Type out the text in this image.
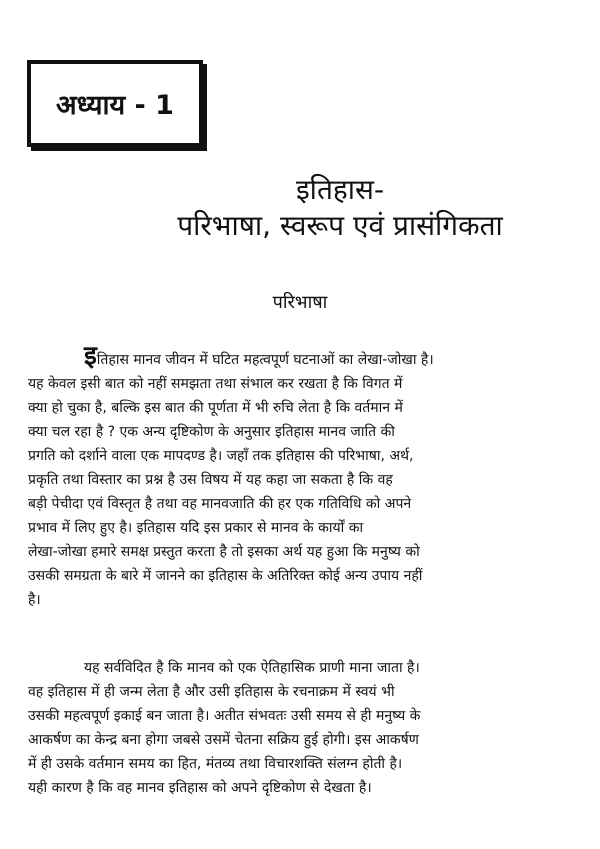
अध्याय - 1
इतिहास-
परिभाषा, स्वरूप एवं प्रासंगिकता
परिभाषा
इतिहास मानव जीवन में घटित महत्वपूर्ण घटनाओं का लेखा-जोखा है।
यह केवल इसी बात को नहीं समझता तथा संभाल कर रखता है कि विगत में
क्या हो चुका है, बल्कि इस बात की पूर्णता में भी रुचि लेता है कि वर्तमान में
क्या चल रहा है ? एक अन्य दृष्टिकोण के अनुसार इतिहास मानव जाति की
प्रगति को दर्शाने वाला एक मापदण्ड है। जहाँ तक इतिहास की परिभाषा, अर्थ,
प्रकृति तथा विस्तार का प्रश्न है उस विषय में यह कहा जा सकता है कि वह
बड़ी पेचीदा एवं विस्तृत है तथा वह मानवजाति की हर एक गतिविधि को अपने
प्रभाव में लिए हुए है। इतिहास यदि इस प्रकार से मानव के कार्यों का
लेखा-जोखा हमारे समक्ष प्रस्तुत करता है तो इसका अर्थ यह हुआ कि मनुष्य को
उसकी समग्रता के बारे में जानने का इतिहास के अतिरिक्त कोई अन्य उपाय नहीं
है।
यह सर्वविदित है कि मानव को एक ऐतिहासिक प्राणी माना जाता है।
वह इतिहास में ही जन्म लेता है और उसी इतिहास के रचनाक्रम में स्वयं भी
उसकी महत्वपूर्ण इकाई बन जाता है। अतीत संभवतः उसी समय से ही मनुष्य के
आकर्षण का केन्द्र बना होगा जबसे उसमें चेतना सक्रिय हुई होगी। इस आकर्षण
में ही उसके वर्तमान समय का हित, मंतव्य तथा विचारशक्ति संलग्न होती है।
यही कारण है कि वह मानव इतिहास को अपने दृष्टिकोण से देखता है।
